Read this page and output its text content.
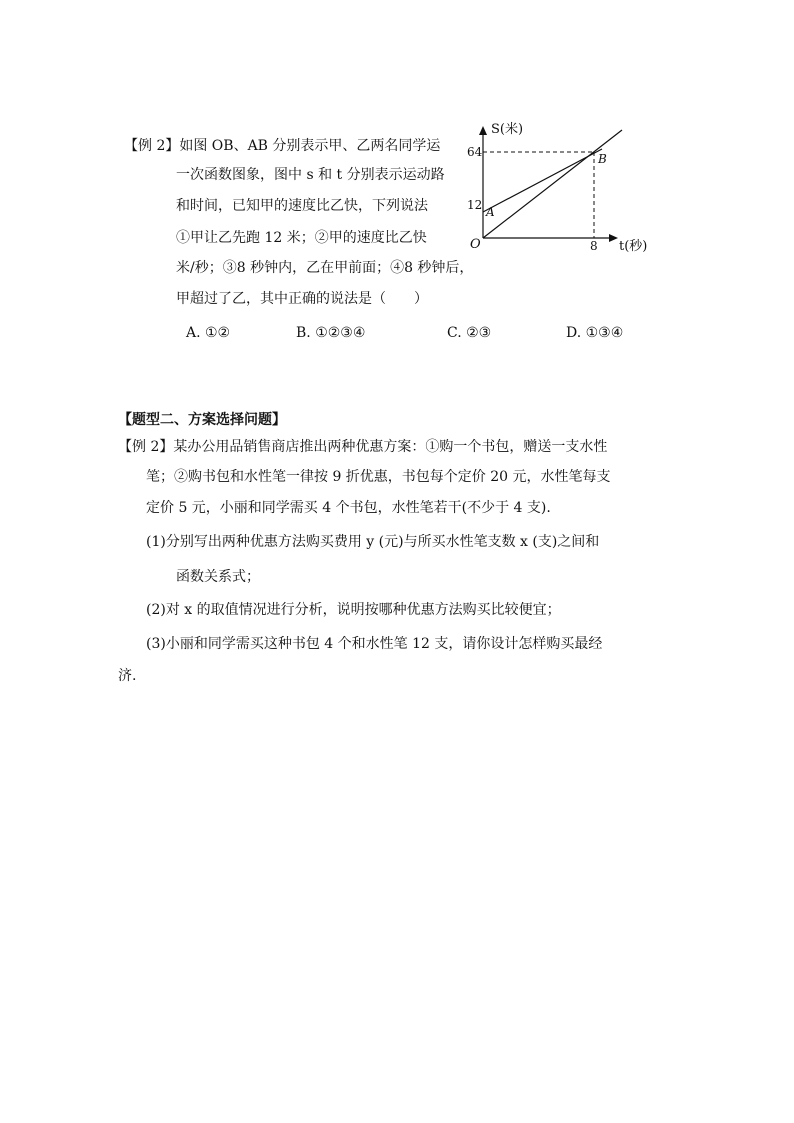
【例 2】如图 OB、AB 分别表示甲、乙两名同学运
一次函数图象，图中 s 和 t 分别表示运动路
和时间，已知甲的速度比乙快，下列说法
①甲让乙先跑 12 米；②甲的速度比乙快
米/秒；③8 秒钟内，乙在甲前面；④8 秒钟后，
甲超过了乙，其中正确的说法是（　　）
A. ①②	B. ①②③④	C. ②③	D. ①③④
S(米)
64
12 A
B
O	8 t(秒)
【题型二、方案选择问题】
【例 2】某办公用品销售商店推出两种优惠方案：①购一个书包，赠送一支水性
笔；②购书包和水性笔一律按 9 折优惠，书包每个定价 20 元，水性笔每支
定价 5 元，小丽和同学需买 4 个书包，水性笔若干(不少于 4 支).
(1)分别写出两种优惠方法购买费用 y (元)与所买水性笔支数 x (支)之间和
函数关系式；
(2)对 x 的取值情况进行分析，说明按哪种优惠方法购买比较便宜；
(3)小丽和同学需买这种书包 4 个和水性笔 12 支，请你设计怎样购买最经
济.
